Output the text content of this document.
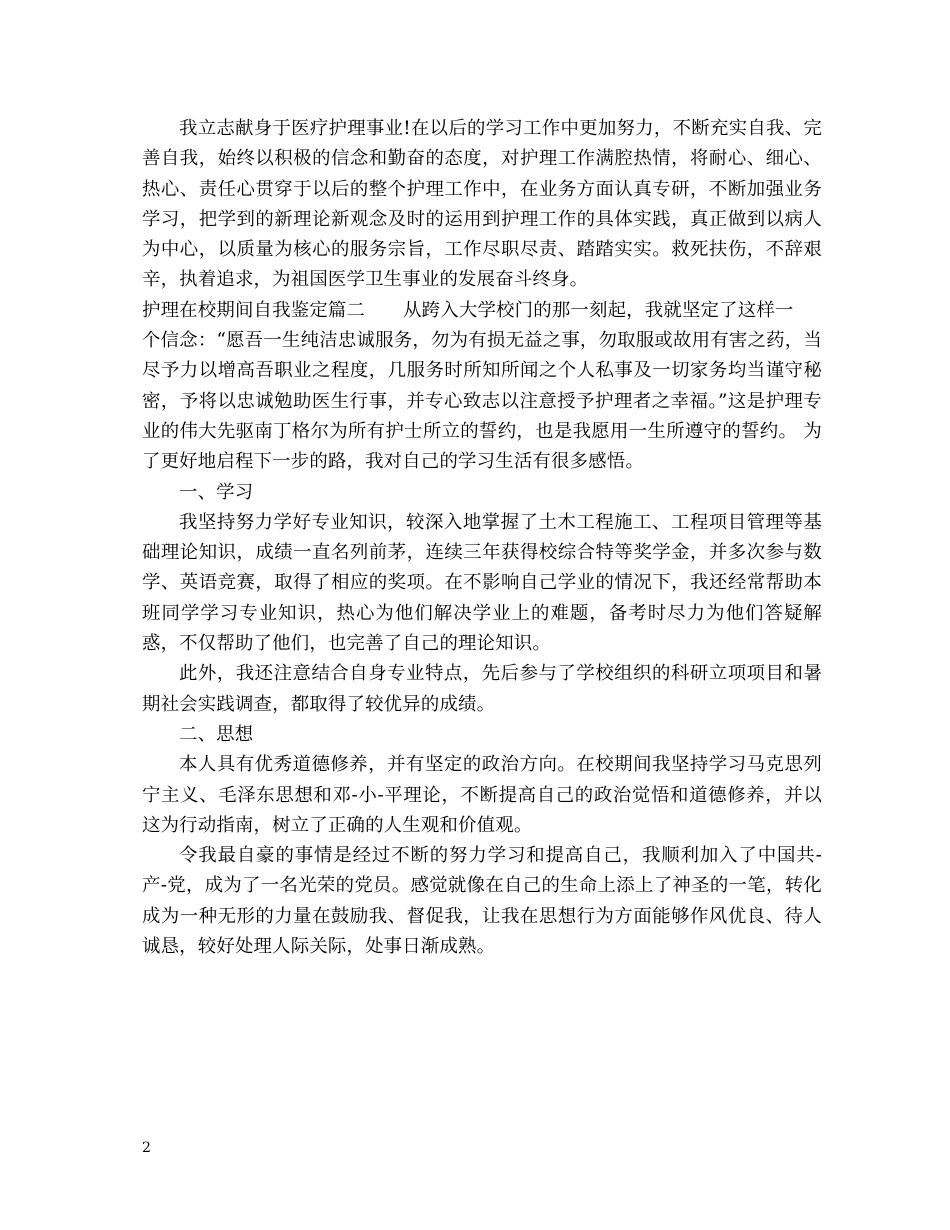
我立志献身于医疗护理事业!在以后的学习工作中更加努力，不断充实自我、完善自我，始终以积极的信念和勤奋的态度，对护理工作满腔热情，将耐心、细心、热心、责任心贯穿于以后的整个护理工作中，在业务方面认真专研，不断加强业务学习，把学到的新理论新观念及时的运用到护理工作的具体实践，真正做到以病人为中心，以质量为核心的服务宗旨，工作尽职尽责、踏踏实实。救死扶伤，不辞艰辛，执着追求，为祖国医学卫生事业的发展奋斗终身。

护理在校期间自我鉴定篇二 从跨入大学校门的那一刻起，我就坚定了这样一

个信念：“愿吾一生纯洁忠诚服务，勿为有损无益之事，勿取服或故用有害之药，当尽予力以增高吾职业之程度，几服务时所知所闻之个人私事及一切家务均当谨守秘密，予将以忠诚勉助医生行事，并专心致志以注意授予护理者之幸福。”这是护理专业的伟大先驱南丁格尔为所有护士所立的誓约，也是我愿用一生所遵守的誓约。 为了更好地启程下一步的路，我对自己的学习生活有很多感悟。

一、学习

我坚持努力学好专业知识，较深入地掌握了土木工程施工、工程项目管理等基础理论知识，成绩一直名列前茅，连续三年获得校综合特等奖学金，并多次参与数学、英语竞赛，取得了相应的奖项。在不影响自己学业的情况下，我还经常帮助本班同学学习专业知识，热心为他们解决学业上的难题，备考时尽力为他们答疑解惑，不仅帮助了他们，也完善了自己的理论知识。

此外，我还注意结合自身专业特点，先后参与了学校组织的科研立项项目和暑期社会实践调查，都取得了较优异的成绩。

二、思想

本人具有优秀道德修养，并有坚定的政治方向。在校期间我坚持学习马克思列宁主义、毛泽东思想和邓-小-平理论，不断提高自己的政治觉悟和道德修养，并以这为行动指南，树立了正确的人生观和价值观。

令我最自豪的事情是经过不断的努力学习和提高自己，我顺利加入了中国共-产-党，成为了一名光荣的党员。感觉就像在自己的生命上添上了神圣的一笔，转化成为一种无形的力量在鼓励我、督促我，让我在思想行为方面能够作风优良、待人诚恳，较好处理人际关际，处事日渐成熟。

2
